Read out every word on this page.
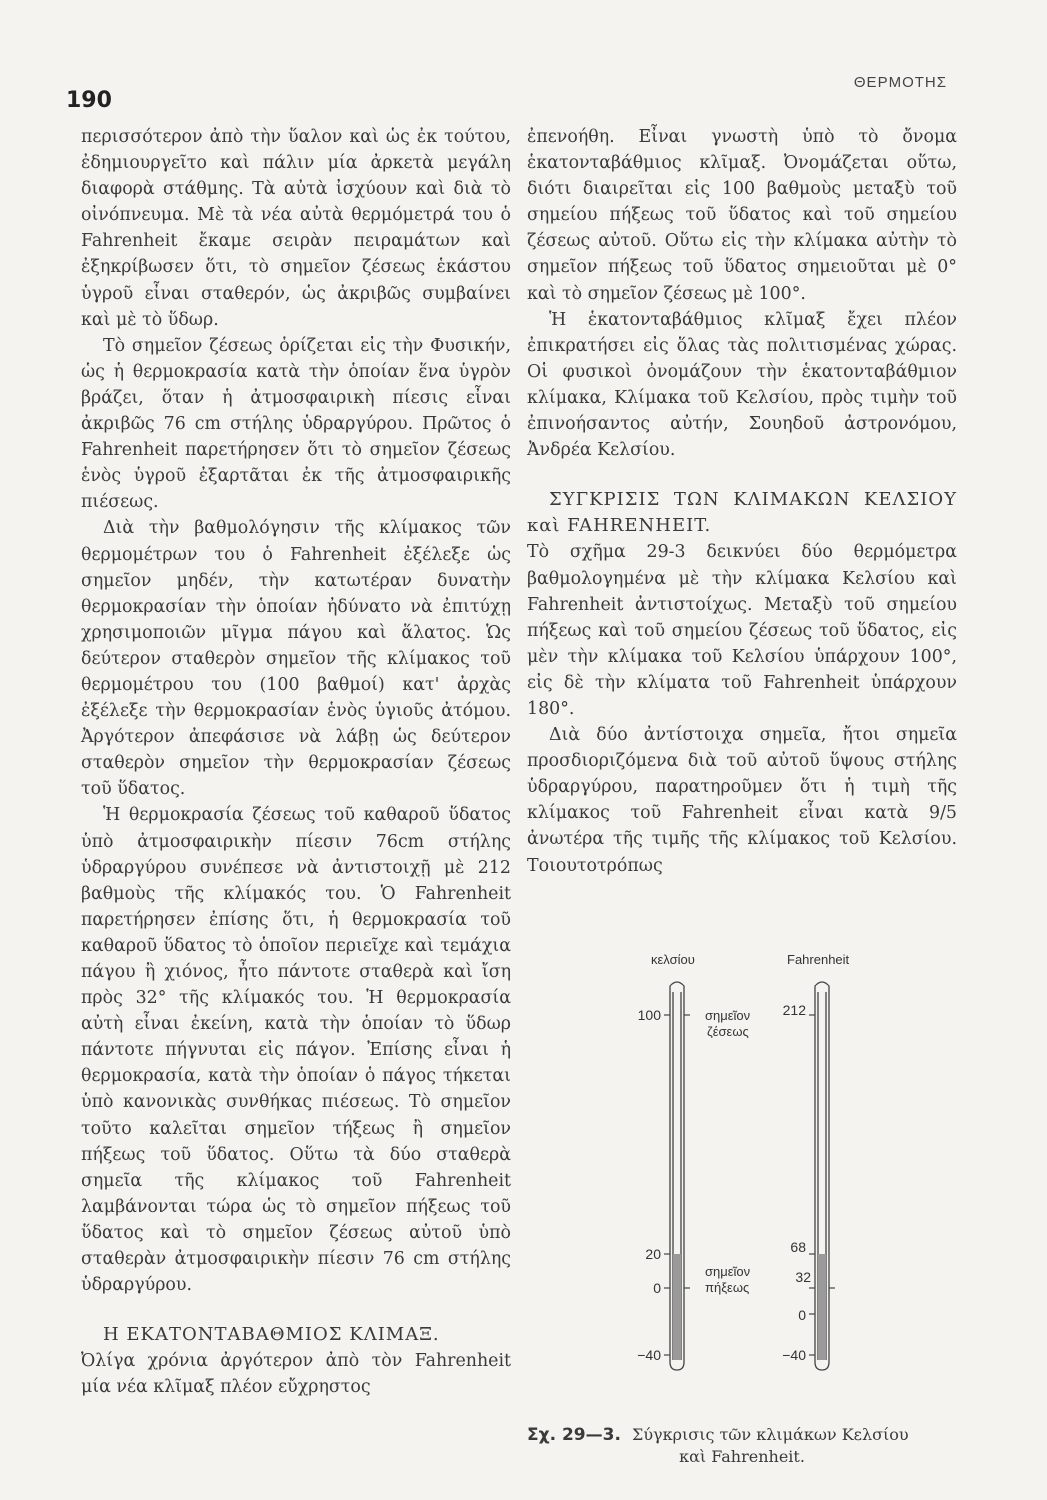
190
ΘΕΡΜΟΤΗΣ

περισσότερον ἀπὸ τὴν ὕαλον καὶ ὡς ἐκ τούτου, ἐδημιουργεῖτο καὶ πάλιν μία ἀρκετὰ μεγάλη διαφορὰ στάθμης. Τὰ αὐτὰ ἰσχύουν καὶ διὰ τὸ οἰνόπνευμα. Μὲ τὰ νέα αὐτὰ θερμόμετρά του ὁ Fahrenheit ἔκαμε σειρὰν πειραμάτων καὶ ἐξηκρίβωσεν ὅτι, τὸ σημεῖον ζέσεως ἑκάστου ὑγροῦ εἶναι σταθερόν, ὡς ἀκριβῶς συμβαίνει καὶ μὲ τὸ ὕδωρ.

Τὸ σημεῖον ζέσεως ὁρίζεται εἰς τὴν Φυσικήν, ὡς ἡ θερμοκρασία κατὰ τὴν ὁποίαν ἕνα ὑγρὸν βράζει, ὅταν ἡ ἀτμοσφαιρικὴ πίεσις εἶναι ἀκριβῶς 76 cm στήλης ὑδραργύρου. Πρῶτος ὁ Fahrenheit παρετήρησεν ὅτι τὸ σημεῖον ζέσεως ἑνὸς ὑγροῦ ἐξαρτᾶται ἐκ τῆς ἀτμοσφαιρικῆς πιέσεως.

Διὰ τὴν βαθμολόγησιν τῆς κλίμακος τῶν θερμομέτρων του ὁ Fahrenheit ἐξέλεξε ὡς σημεῖον μηδέν, τὴν κατωτέραν δυνατὴν θερμοκρασίαν τὴν ὁποίαν ἠδύνατο νὰ ἐπιτύχῃ χρησιμοποιῶν μῖγμα πάγου καὶ ἅλατος. Ὡς δεύτερον σταθερὸν σημεῖον τῆς κλίμακος τοῦ θερμομέτρου του (100 βαθμοί) κατ' ἀρχὰς ἐξέλεξε τὴν θερμοκρασίαν ἑνὸς ὑγιοῦς ἀτόμου. Ἀργότερον ἀπεφάσισε νὰ λάβῃ ὡς δεύτερον σταθερὸν σημεῖον τὴν θερμοκρασίαν ζέσεως τοῦ ὕδατος.

Ἡ θερμοκρασία ζέσεως τοῦ καθαροῦ ὕδατος ὑπὸ ἀτμοσφαιρικὴν πίεσιν 76cm στήλης ὑδραργύρου συνέπεσε νὰ ἀντιστοιχῇ μὲ 212 βαθμοὺς τῆς κλίμακός του. Ὁ Fahrenheit παρετήρησεν ἐπίσης ὅτι, ἡ θερμοκρασία τοῦ καθαροῦ ὕδατος τὸ ὁποῖον περιεῖχε καὶ τεμάχια πάγου ἢ χιόνος, ἦτο πάντοτε σταθερὰ καὶ ἴση πρὸς 32° τῆς κλίμακός του. Ἡ θερμοκρασία αὐτὴ εἶναι ἐκείνη, κατὰ τὴν ὁποίαν τὸ ὕδωρ πάντοτε πήγνυται εἰς πάγον. Ἐπίσης εἶναι ἡ θερμοκρασία, κατὰ τὴν ὁποίαν ὁ πάγος τήκεται ὑπὸ κανονικὰς συνθήκας πιέσεως. Τὸ σημεῖον τοῦτο καλεῖται σημεῖον τήξεως ἢ σημεῖον πήξεως τοῦ ὕδατος. Οὕτω τὰ δύο σταθερὰ σημεῖα τῆς κλίμακος τοῦ Fahrenheit λαμβάνονται τώρα ὡς τὸ σημεῖον πήξεως τοῦ ὕδατος καὶ τὸ σημεῖον ζέσεως αὐτοῦ ὑπὸ σταθερὰν ἀτμοσφαιρικὴν πίεσιν 76 cm στήλης ὑδραργύρου.

Η ΕΚΑΤΟΝΤΑΒΑΘΜΙΟΣ ΚΛΙΜΑΞ.

Ὀλίγα χρόνια ἀργότερον ἀπὸ τὸν Fahrenheit μία νέα κλῖμαξ πλέον εὔχρηστος

ἐπενοήθη. Εἶναι γνωστὴ ὑπὸ τὸ ὄνομα ἑκατονταβάθμιος κλῖμαξ. Ὀνομάζεται οὕτω, διότι διαιρεῖται εἰς 100 βαθμοὺς μεταξὺ τοῦ σημείου πήξεως τοῦ ὕδατος καὶ τοῦ σημείου ζέσεως αὐτοῦ. Οὕτω εἰς τὴν κλίμακα αὐτὴν τὸ σημεῖον πήξεως τοῦ ὕδατος σημειοῦται μὲ 0° καὶ τὸ σημεῖον ζέσεως μὲ 100°.

Ἡ ἑκατονταβάθμιος κλῖμαξ ἔχει πλέον ἐπικρατήσει εἰς ὅλας τὰς πολιτισμένας χώρας. Οἱ φυσικοὶ ὀνομάζουν τὴν ἑκατονταβάθμιον κλίμακα, Κλίμακα τοῦ Κελσίου, πρὸς τιμὴν τοῦ ἐπινοήσαντος αὐτήν, Σουηδοῦ ἀστρονόμου, Ἀνδρέα Κελσίου.

ΣΥΓΚΡΙΣΙΣ ΤΩΝ ΚΛΙΜΑΚΩΝ ΚΕΛΣΙΟΥ καὶ FAHRENHEIT.

Τὸ σχῆμα 29-3 δεικνύει δύο θερμόμετρα βαθμολογημένα μὲ τὴν κλίμακα Κελσίου καὶ Fahrenheit ἀντιστοίχως. Μεταξὺ τοῦ σημείου πήξεως καὶ τοῦ σημείου ζέσεως τοῦ ὕδατος, εἰς μὲν τὴν κλίμακα τοῦ Κελσίου ὑπάρχουν 100°, εἰς δὲ τὴν κλίματα τοῦ Fahrenheit ὑπάρχουν 180°.

Διὰ δύο ἀντίστοιχα σημεῖα, ἤτοι σημεῖα προσδιοριζόμενα διὰ τοῦ αὐτοῦ ὕψους στήλης ὑδραργύρου, παρατηροῦμεν ὅτι ἡ τιμὴ τῆς κλίμακος τοῦ Fahrenheit εἶναι κατὰ 9/5 ἀνωτέρα τῆς τιμῆς τῆς κλίμακος τοῦ Κελσίου. Τοιουτοτρόπως

κελσίου	Fahrenheit
100
20
0
−40
212
68
32
0
−40
σημεῖον
ζέσεως
σημεῖον
πήξεως
Σχ. 29—3. Σύγκρισις τῶν κλιμάκων Κελσίου
καὶ Fahrenheit.
